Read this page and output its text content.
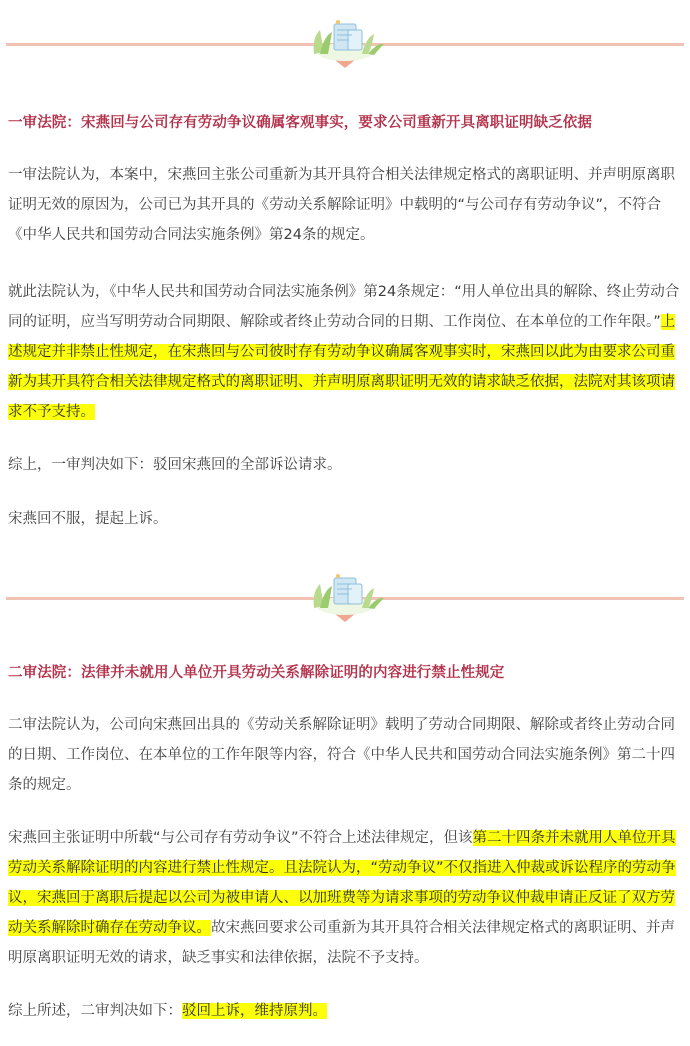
一审法院：宋燕回与公司存有劳动争议确属客观事实，要求公司重新开具离职证明缺乏依据

一审法院认为，本案中，宋燕回主张公司重新为其开具符合相关法律规定格式的离职证明、并声明原离职证明无效的原因为，公司已为其开具的《劳动关系解除证明》中载明的“与公司存有劳动争议”，不符合《中华人民共和国劳动合同法实施条例》第24条的规定。

就此法院认为，《中华人民共和国劳动合同法实施条例》第24条规定：“用人单位出具的解除、终止劳动合同的证明，应当写明劳动合同期限、解除或者终止劳动合同的日期、工作岗位、在本单位的工作年限。”上述规定并非禁止性规定，在宋燕回与公司彼时存有劳动争议确属客观事实时，宋燕回以此为由要求公司重新为其开具符合相关法律规定格式的离职证明、并声明原离职证明无效的请求缺乏依据，法院对其该项请求不予支持。

综上，一审判决如下：驳回宋燕回的全部诉讼请求。

宋燕回不服，提起上诉。

二审法院：法律并未就用人单位开具劳动关系解除证明的内容进行禁止性规定

二审法院认为，公司向宋燕回出具的《劳动关系解除证明》载明了劳动合同期限、解除或者终止劳动合同的日期、工作岗位、在本单位的工作年限等内容，符合《中华人民共和国劳动合同法实施条例》第二十四条的规定。

宋燕回主张证明中所载“与公司存有劳动争议”不符合上述法律规定，但该第二十四条并未就用人单位开具劳动关系解除证明的内容进行禁止性规定。且法院认为，“劳动争议”不仅指进入仲裁或诉讼程序的劳动争议，宋燕回于离职后提起以公司为被申请人、以加班费等为请求事项的劳动争议仲裁申请正反证了双方劳动关系解除时确存在劳动争议。故宋燕回要求公司重新为其开具符合相关法律规定格式的离职证明、并声明原离职证明无效的请求，缺乏事实和法律依据，法院不予支持。

综上所述，二审判决如下：驳回上诉，维持原判。
